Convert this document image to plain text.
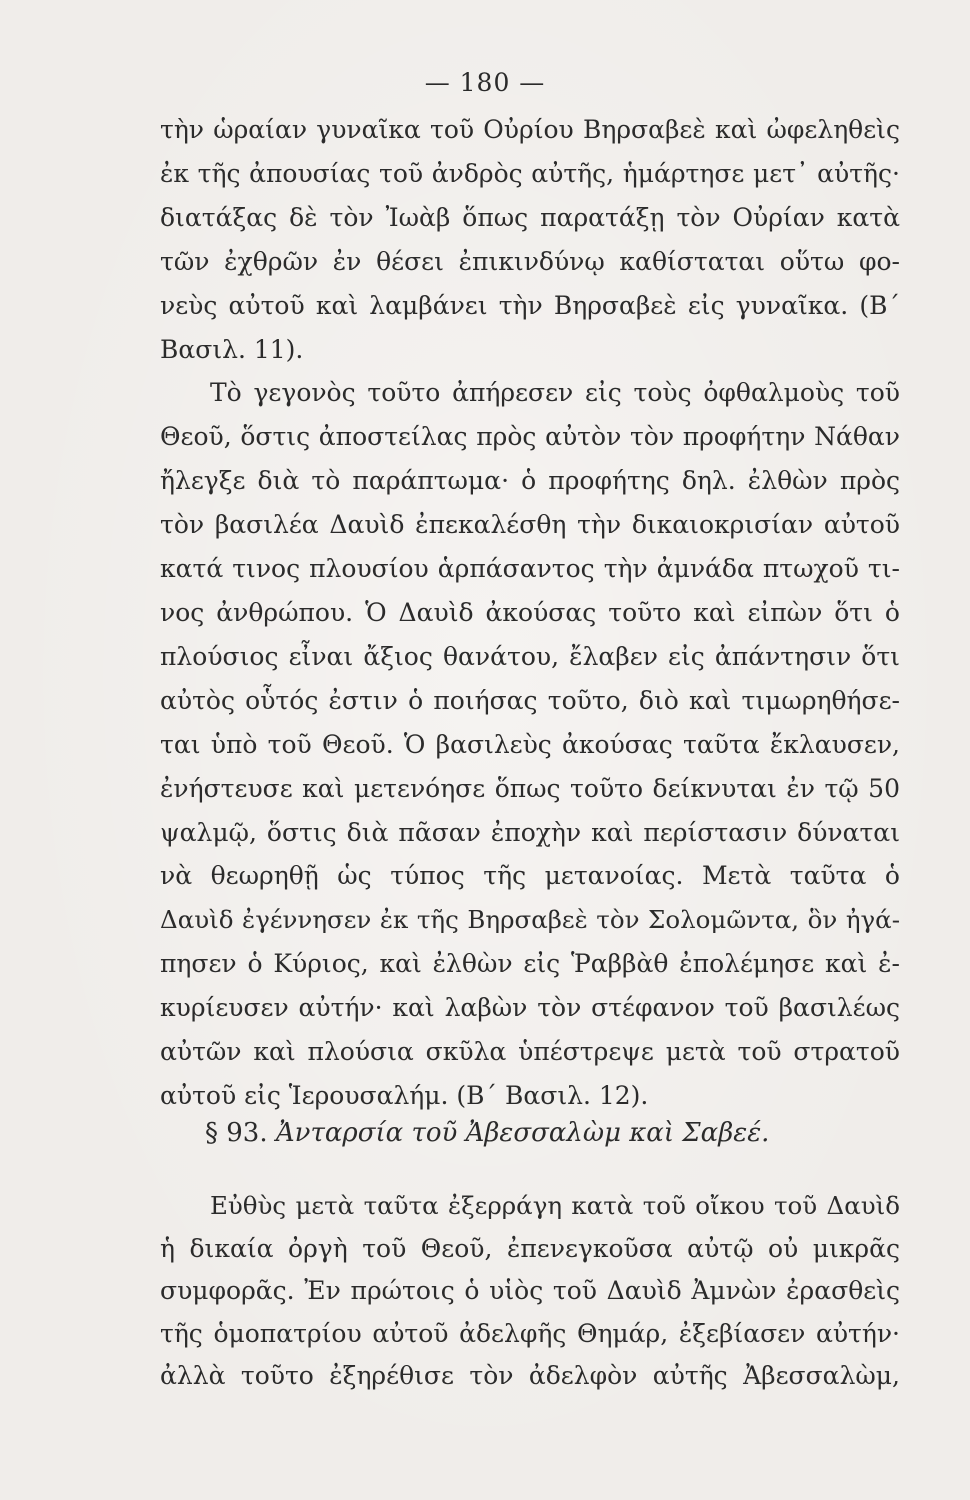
— 180 —
τὴν ὡραίαν γυναῖκα τοῦ Οὐρίου Βηρσαβεὲ καὶ ὠφεληθεὶς
ἐκ τῆς ἀπουσίας τοῦ ἀνδρὸς αὐτῆς, ἡμάρτησε μετ᾽ αὐτῆς·
διατάξας δὲ τὸν Ἰωὰβ ὅπως παρατάξῃ τὸν Οὐρίαν κατὰ
τῶν ἐχθρῶν ἐν θέσει ἐπικινδύνῳ καθίσταται οὕτω φο-
νεὺς αὐτοῦ καὶ λαμβάνει τὴν Βηρσαβεὲ εἰς γυναῖκα. (Β΄
Βασιλ. 11).
Τὸ γεγονὸς τοῦτο ἀπήρεσεν εἰς τοὺς ὀφθαλμοὺς τοῦ
Θεοῦ, ὅστις ἀποστείλας πρὸς αὐτὸν τὸν προφήτην Νάθαν
ἤλεγξε διὰ τὸ παράπτωμα· ὁ προφήτης δηλ. ἐλθὼν πρὸς
τὸν βασιλέα Δαυὶδ ἐπεκαλέσθη τὴν δικαιοκρισίαν αὐτοῦ
κατά τινος πλουσίου ἁρπάσαντος τὴν ἀμνάδα πτωχοῦ τι-
νος ἀνθρώπου. Ὁ Δαυὶδ ἀκούσας τοῦτο καὶ εἰπὼν ὅτι ὁ
πλούσιος εἶναι ἄξιος θανάτου, ἔλαβεν εἰς ἀπάντησιν ὅτι
αὐτὸς οὗτός ἐστιν ὁ ποιήσας τοῦτο, διὸ καὶ τιμωρηθήσε-
ται ὑπὸ τοῦ Θεοῦ. Ὁ βασιλεὺς ἀκούσας ταῦτα ἔκλαυσεν,
ἐνήστευσε καὶ μετενόησε ὅπως τοῦτο δείκνυται ἐν τῷ 50
ψαλμῷ, ὅστις διὰ πᾶσαν ἐποχὴν καὶ περίστασιν δύναται
νὰ θεωρηθῇ ὡς τύπος τῆς μετανοίας. Μετὰ ταῦτα ὁ
Δαυὶδ ἐγέννησεν ἐκ τῆς Βηρσαβεὲ τὸν Σολομῶντα, ὃν ἠγά-
πησεν ὁ Κύριος, καὶ ἐλθὼν εἰς Ῥαββὰθ ἐπολέμησε καὶ ἐ-
κυρίευσεν αὐτήν· καὶ λαβὼν τὸν στέφανον τοῦ βασιλέως
αὐτῶν καὶ πλούσια σκῦλα ὑπέστρεψε μετὰ τοῦ στρατοῦ
αὐτοῦ εἰς Ἱερουσαλήμ. (Β΄ Βασιλ. 12).
§ 93. Ἀνταρσία τοῦ Ἀβεσσαλὼμ καὶ Σαβεέ.
Εὐθὺς μετὰ ταῦτα ἐξερράγη κατὰ τοῦ οἴκου τοῦ Δαυὶδ
ἡ δικαία ὀργὴ τοῦ Θεοῦ, ἐπενεγκοῦσα αὐτῷ οὐ μικρᾶς
συμφορᾶς. Ἐν πρώτοις ὁ υἱὸς τοῦ Δαυὶδ Ἀμνὼν ἐρασθεὶς
τῆς ὁμοπατρίου αὐτοῦ ἀδελφῆς Θημάρ, ἐξεβίασεν αὐτήν·
ἀλλὰ τοῦτο ἐξηρέθισε τὸν ἀδελφὸν αὐτῆς Ἀβεσσαλὼμ,
